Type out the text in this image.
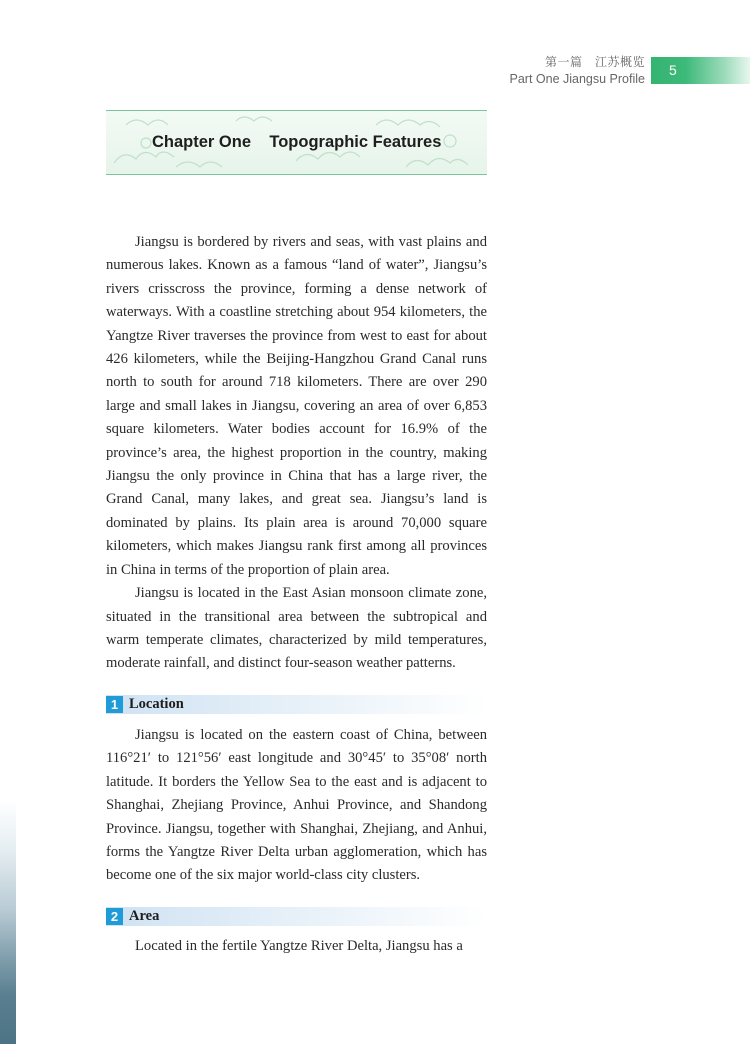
第一篇　江苏概览
Part One Jiangsu Profile
5
Chapter One    Topographic Features

Jiangsu is bordered by rivers and seas, with vast plains and numerous lakes. Known as a famous “land of water”, Jiangsu’s rivers crisscross the province, forming a dense network of waterways. With a coastline stretching about 954 kilometers, the Yangtze River traverses the province from west to east for about 426 kilometers, while the Beijing-Hangzhou Grand Canal runs north to south for around 718 kilometers. There are over 290 large and small lakes in Jiangsu, covering an area of over 6,853 square kilometers. Water bodies account for 16.9% of the province’s area, the highest proportion in the country, making Jiangsu the only province in China that has a large river, the Grand Canal, many lakes, and great sea. Jiangsu’s land is dominated by plains. Its plain area is around 70,000 square kilometers, which makes Jiangsu rank first among all provinces in China in terms of the proportion of plain area.

Jiangsu is located in the East Asian monsoon climate zone, situated in the transitional area between the subtropical and warm temperate climates, characterized by mild temperatures, moderate rainfall, and distinct four-season weather patterns.

1 Location

Jiangsu is located on the eastern coast of China, between 116°21′ to 121°56′ east longitude and 30°45′ to 35°08′ north latitude. It borders the Yellow Sea to the east and is adjacent to Shanghai, Zhejiang Province, Anhui Province, and Shandong Province. Jiangsu, together with Shanghai, Zhejiang, and Anhui, forms the Yangtze River Delta urban agglomeration, which has become one of the six major world-class city clusters.

2 Area

Located in the fertile Yangtze River Delta, Jiangsu has a
